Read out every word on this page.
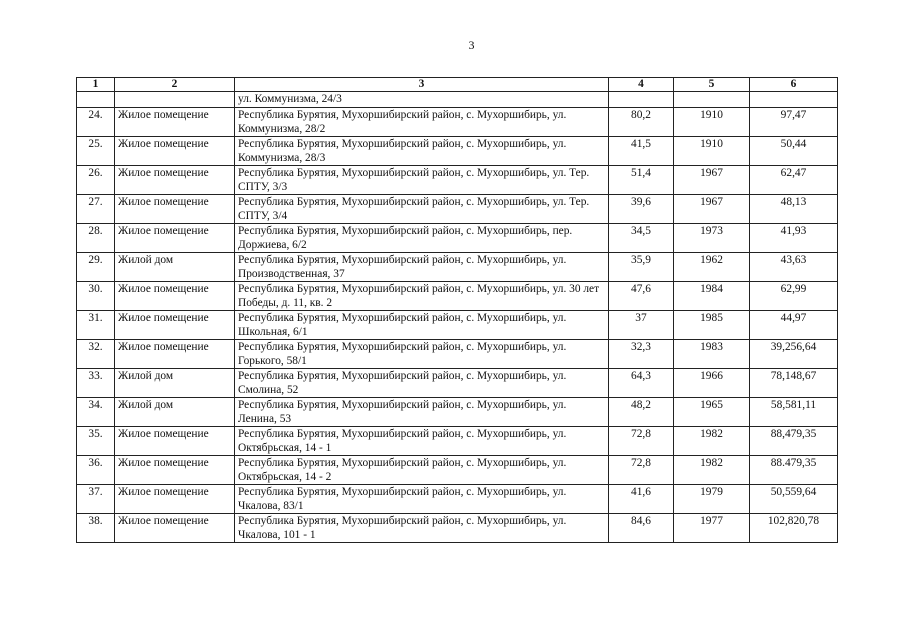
3
1	2	3	4	5	6
		ул. Коммунизма, 24/3			
24.	Жилое помещение	Республика Бурятия, Мухоршибирский район, с. Мухоршибирь, ул. Коммунизма, 28/2	80,2	1910	97,47
25.	Жилое помещение	Республика Бурятия, Мухоршибирский район, с. Мухоршибирь, ул. Коммунизма, 28/3	41,5	1910	50,44
26.	Жилое помещение	Республика Бурятия, Мухоршибирский район, с. Мухоршибирь, ул. Тер. СПТУ, 3/3	51,4	1967	62,47
27.	Жилое помещение	Республика Бурятия, Мухоршибирский район, с. Мухоршибирь, ул. Тер. СПТУ, 3/4	39,6	1967	48,13
28.	Жилое помещение	Республика Бурятия, Мухоршибирский район, с. Мухоршибирь, пер. Доржиева, 6/2	34,5	1973	41,93
29.	Жилой дом	Республика Бурятия, Мухоршибирский район, с. Мухоршибирь, ул. Производственная, 37	35,9	1962	43,63
30.	Жилое помещение	Республика Бурятия, Мухоршибирский район, с. Мухоршибирь, ул. 30 лет Победы, д. 11, кв. 2	47,6	1984	62,99
31.	Жилое помещение	Республика Бурятия, Мухоршибирский район, с. Мухоршибирь, ул. Школьная, 6/1	37	1985	44,97
32.	Жилое помещение	Республика Бурятия, Мухоршибирский район, с. Мухоршибирь, ул. Горького, 58/1	32,3	1983	39,256,64
33.	Жилой дом	Республика Бурятия, Мухоршибирский район, с. Мухоршибирь, ул. Смолина, 52	64,3	1966	78,148,67
34.	Жилой дом	Республика Бурятия, Мухоршибирский район, с. Мухоршибирь, ул. Ленина, 53	48,2	1965	58,581,11
35.	Жилое помещение	Республика Бурятия, Мухоршибирский район, с. Мухоршибирь, ул. Октябрьская, 14 - 1	72,8	1982	88,479,35
36.	Жилое помещение	Республика Бурятия, Мухоршибирский район, с. Мухоршибирь, ул. Октябрьская, 14 - 2	72,8	1982	88.479,35
37.	Жилое помещение	Республика Бурятия, Мухоршибирский район, с. Мухоршибирь, ул. Чкалова, 83/1	41,6	1979	50,559,64
38.	Жилое помещение	Республика Бурятия, Мухоршибирский район, с. Мухоршибирь, ул. Чкалова, 101 - 1	84,6	1977	102,820,78
